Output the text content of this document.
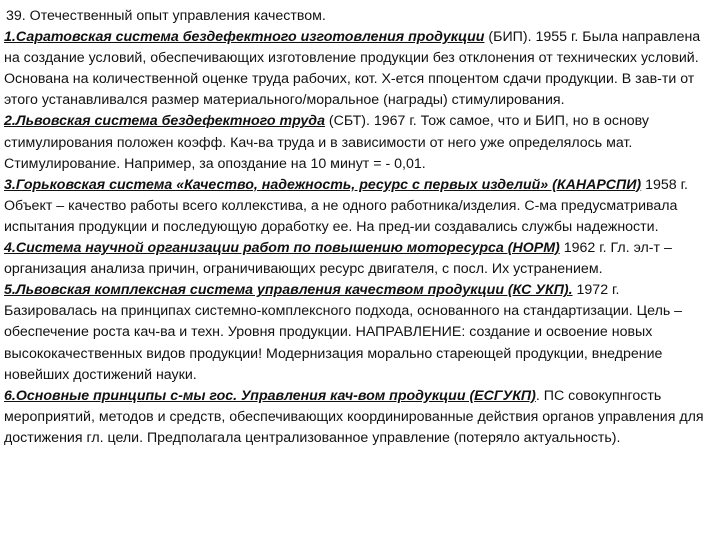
39. Отечественный опыт управления качеством.

1.Саратовская система бездефектного изготовления продукции (БИП). 1955 г. Была направлена на создание условий, обеспечивающих изготовление продукции без отклонения от технических условий. Основана на количественной оценке труда рабочих, кот. Х-ется ппоцентом сдачи продукции. В зав-ти от этого устанавливался размер материального/моральное (награды) стимулирования.

2.Львовская система бездефектного труда (СБТ). 1967 г. Тож самое, что и БИП, но в основу стимулирования положен коэфф. Кач-ва труда и в зависимости от него уже определялось мат. Стимулирование. Например, за опоздание на 10 минут = - 0,01.

3.Горьковская система «Качество, надежность, ресурс с первых изделий» (КАНАРСПИ) 1958 г. Объект – качество работы всего коллекстива, а не одного работника/изделия. С-ма предусматривала испытания продукции и последующую доработку ее. На пред-ии создавались службы надежности.

4.Система научной организации работ по повышению моторесурса (НОРМ) 1962 г. Гл. эл-т – организация анализа причин, ограничивающих ресурс двигателя, с посл. Их устранением.

5.Львовская комплексная система управления качеством продукции (КС УКП). 1972 г. Базировалась на принципах системно-комплексного подхода, основанного на стандартизации. Цель – обеспечение роста кач-ва и техн. Уровня продукции. НАПРАВЛЕНИЕ: создание и освоение новых высококачественных видов продукции! Модернизация морально стареющей продукции, внедрение новейших достижений науки.

6.Основные принципы с-мы гос. Управления кач-вом продукции (ЕСГУКП). ПС совокупнгость мероприятий, методов и средств, обеспечивающих координированные действия органов управления для достижения гл. цели. Предполагала централизованное управление (потеряло актуальность).
